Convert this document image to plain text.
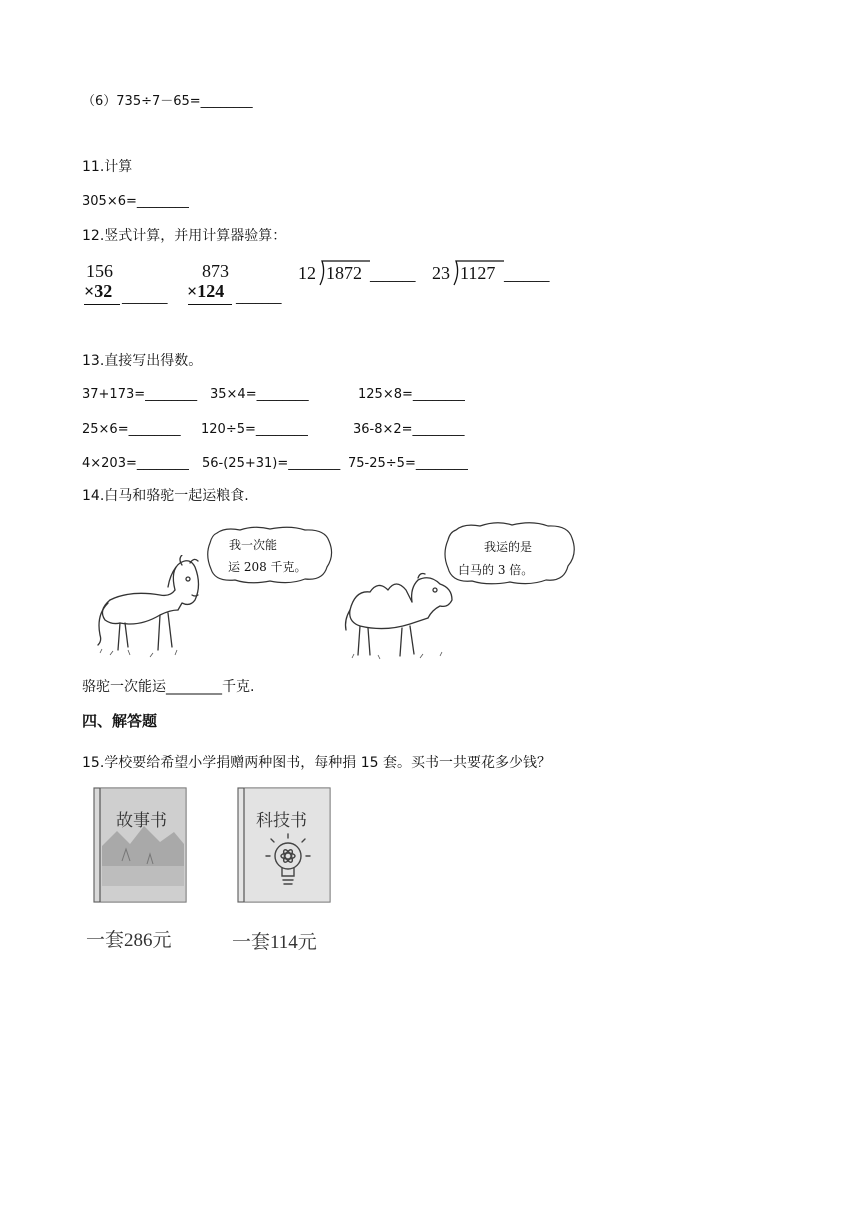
（6）735÷7－65=________
11.计算
305×6=________
12.竖式计算，并用计算器验算：
156
×32 _______
873
×124 _______
12 1872 _______ 23 1127 _______
13.直接写出得数。
37+173=________ 35×4=________	125×8=________
25×6=________ 120÷5=________	36-8×2=________
4×203=________ 56-(25+31)=________ 75-25÷5=________
14.白马和骆驼一起运粮食.
我一次能
运 208 千克。
我运的是
白马的 3 倍。
骆驼一次能运________千克.
四、解答题
15.学校要给希望小学捐赠两种图书，每种捐 15 套。买书一共要花多少钱？
故事书
一套286元
科技书
一套114元
